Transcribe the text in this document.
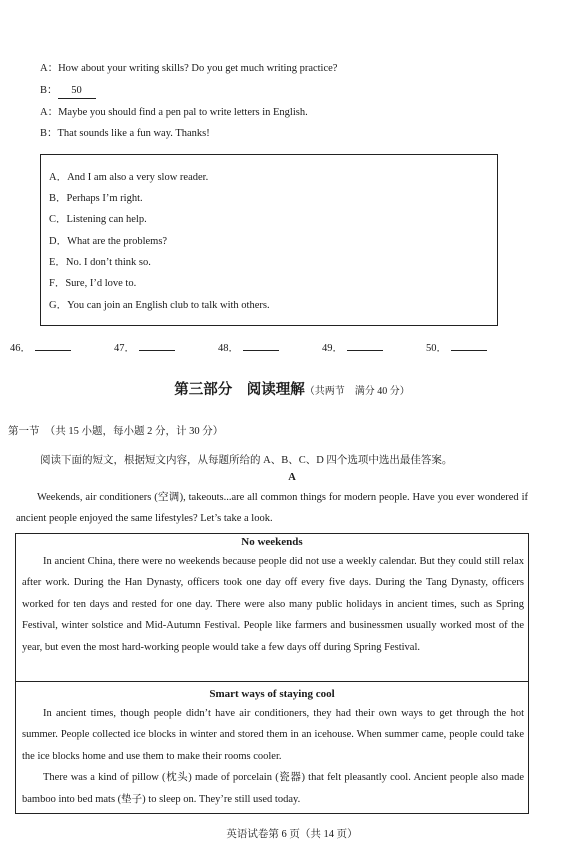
A：How about your writing skills? Do you get much writing practice?
B： 50
A：Maybe you should find a pen pal to write letters in English.
B：That sounds like a fun way. Thanks!
A．And I am also a very slow reader.
B．Perhaps I’m right.
C．Listening can help.
D．What are the problems?
E．No. I don’t think so.
F．Sure, I’d love to.
G．You can join an English club to talk with others.
46．	47．	48．	49．	50．
第三部分　阅读理解（共两节　满分 40 分）
第一节　（共 15 小题，每小题 2 分，计 30 分）
阅读下面的短文，根据短文内容，从每题所给的 A、B、C、D 四个选项中选出最佳答案。
A
Weekends, air conditioners (空调), takeouts...are all common things for modern people. Have you ever wondered if ancient people enjoyed the same lifestyles? Let’s take a look.
No weekends

In ancient China, there were no weekends because people did not use a weekly calendar. But they could still relax after work. During the Han Dynasty, officers took one day off every five days. During the Tang Dynasty, officers worked for ten days and rested for one day. There were also many public holidays in ancient times, such as Spring Festival, winter solstice and Mid-Autumn Festival. People like farmers and businessmen usually worked most of the year, but even the most hard-working people would take a few days off during Spring Festival.

Smart ways of staying cool

In ancient times, though people didn’t have air conditioners, they had their own ways to get through the hot summer. People collected ice blocks in winter and stored them in an icehouse. When summer came, people could take the ice blocks home and use them to make their rooms cooler.

There was a kind of pillow (枕头) made of porcelain (瓷器) that felt pleasantly cool. Ancient people also made bamboo into bed mats (垫子) to sleep on. They’re still used today.

英语试卷第 6 页（共 14 页）
